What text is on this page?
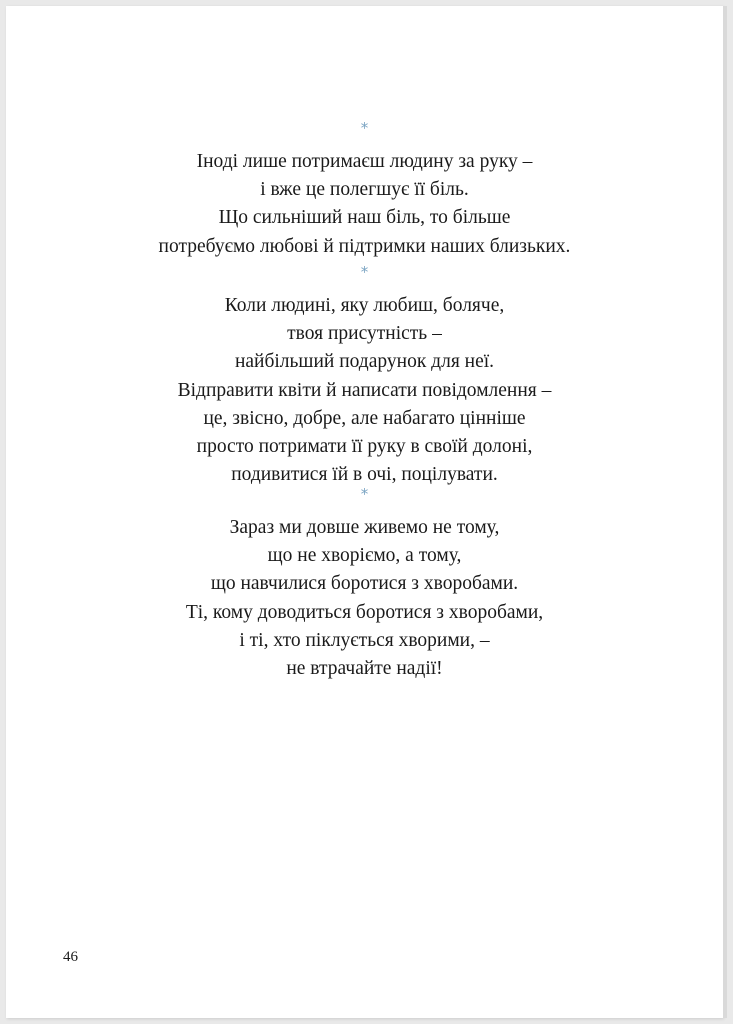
*
Іноді лише потримаєш людину за руку –
і вже це полегшує її біль.
Що сильніший наш біль, то більше
потребуємо любові й підтримки наших близьких.
*
Коли людині, яку любиш, боляче,
твоя присутність –
найбільший подарунок для неї.
Відправити квіти й написати повідомлення –
це, звісно, добре, але набагато цінніше
просто потримати її руку в своїй долоні,
подивитися їй в очі, поцілувати.
*
Зараз ми довше живемо не тому,
що не хворіємо, а тому,
що навчилися боротися з хворобами.
Ті, кому доводиться боротися з хворобами,
і ті, хто піклується хворими, –
не втрачайте надії!
46
